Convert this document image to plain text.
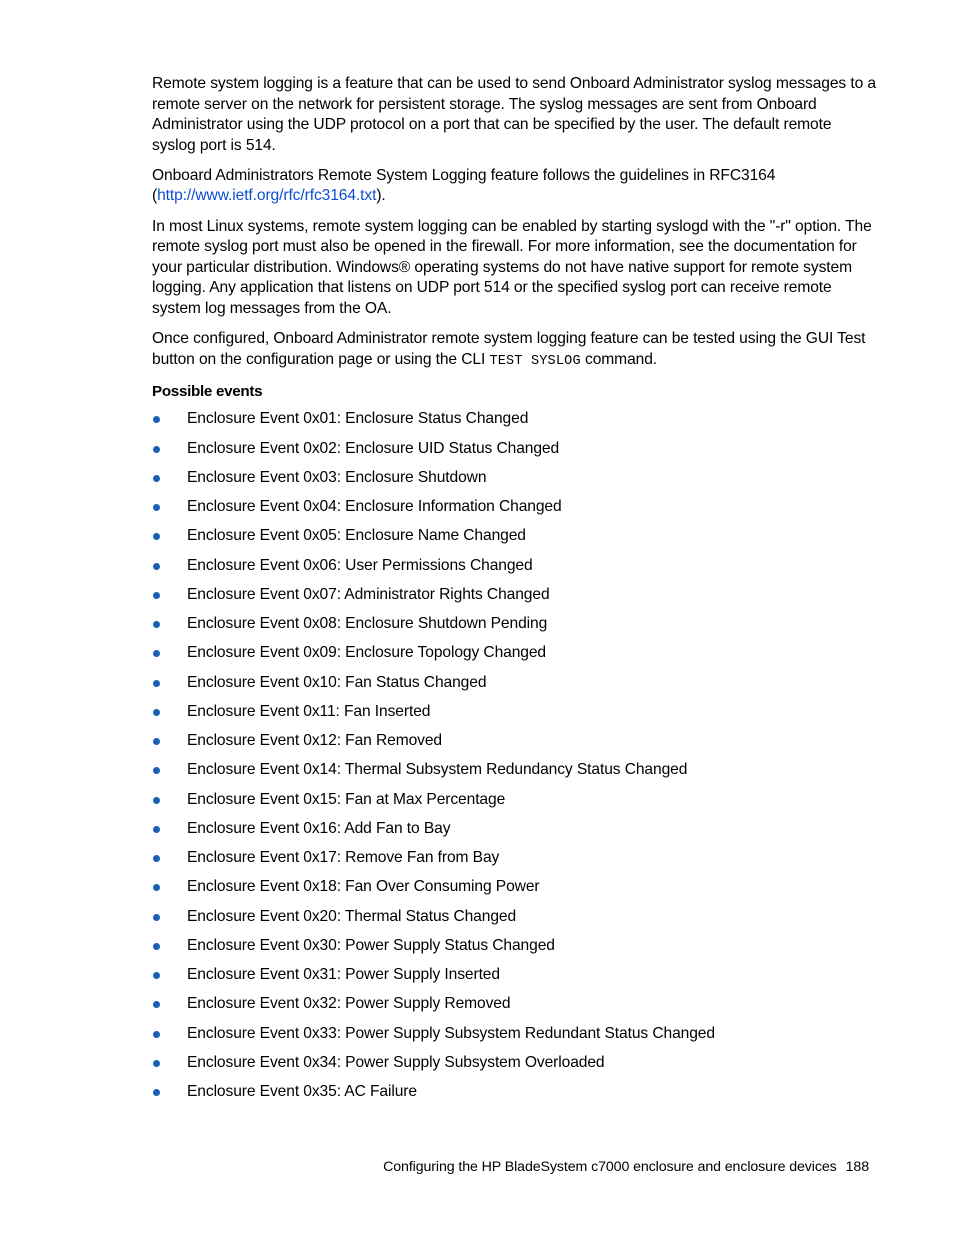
Remote system logging is a feature that can be used to send Onboard Administrator syslog messages to a remote server on the network for persistent storage. The syslog messages are sent from Onboard Administrator using the UDP protocol on a port that can be specified by the user. The default remote syslog port is 514.

Onboard Administrators Remote System Logging feature follows the guidelines in RFC3164 (http://www.ietf.org/rfc/rfc3164.txt).

In most Linux systems, remote system logging can be enabled by starting syslogd with the "-r" option. The remote syslog port must also be opened in the firewall. For more information, see the documentation for your particular distribution. Windows® operating systems do not have native support for remote system logging. Any application that listens on UDP port 514 or the specified syslog port can receive remote system log messages from the OA.

Once configured, Onboard Administrator remote system logging feature can be tested using the GUI Test button on the configuration page or using the CLI TEST SYSLOG command.

Possible events
Enclosure Event 0x01: Enclosure Status Changed
Enclosure Event 0x02: Enclosure UID Status Changed
Enclosure Event 0x03: Enclosure Shutdown
Enclosure Event 0x04: Enclosure Information Changed
Enclosure Event 0x05: Enclosure Name Changed
Enclosure Event 0x06: User Permissions Changed
Enclosure Event 0x07: Administrator Rights Changed
Enclosure Event 0x08: Enclosure Shutdown Pending
Enclosure Event 0x09: Enclosure Topology Changed
Enclosure Event 0x10: Fan Status Changed
Enclosure Event 0x11: Fan Inserted
Enclosure Event 0x12: Fan Removed
Enclosure Event 0x14: Thermal Subsystem Redundancy Status Changed
Enclosure Event 0x15: Fan at Max Percentage
Enclosure Event 0x16: Add Fan to Bay
Enclosure Event 0x17: Remove Fan from Bay
Enclosure Event 0x18: Fan Over Consuming Power
Enclosure Event 0x20: Thermal Status Changed
Enclosure Event 0x30: Power Supply Status Changed
Enclosure Event 0x31: Power Supply Inserted
Enclosure Event 0x32: Power Supply Removed
Enclosure Event 0x33: Power Supply Subsystem Redundant Status Changed
Enclosure Event 0x34: Power Supply Subsystem Overloaded
Enclosure Event 0x35: AC Failure
Configuring the HP BladeSystem c7000 enclosure and enclosure devices 188
